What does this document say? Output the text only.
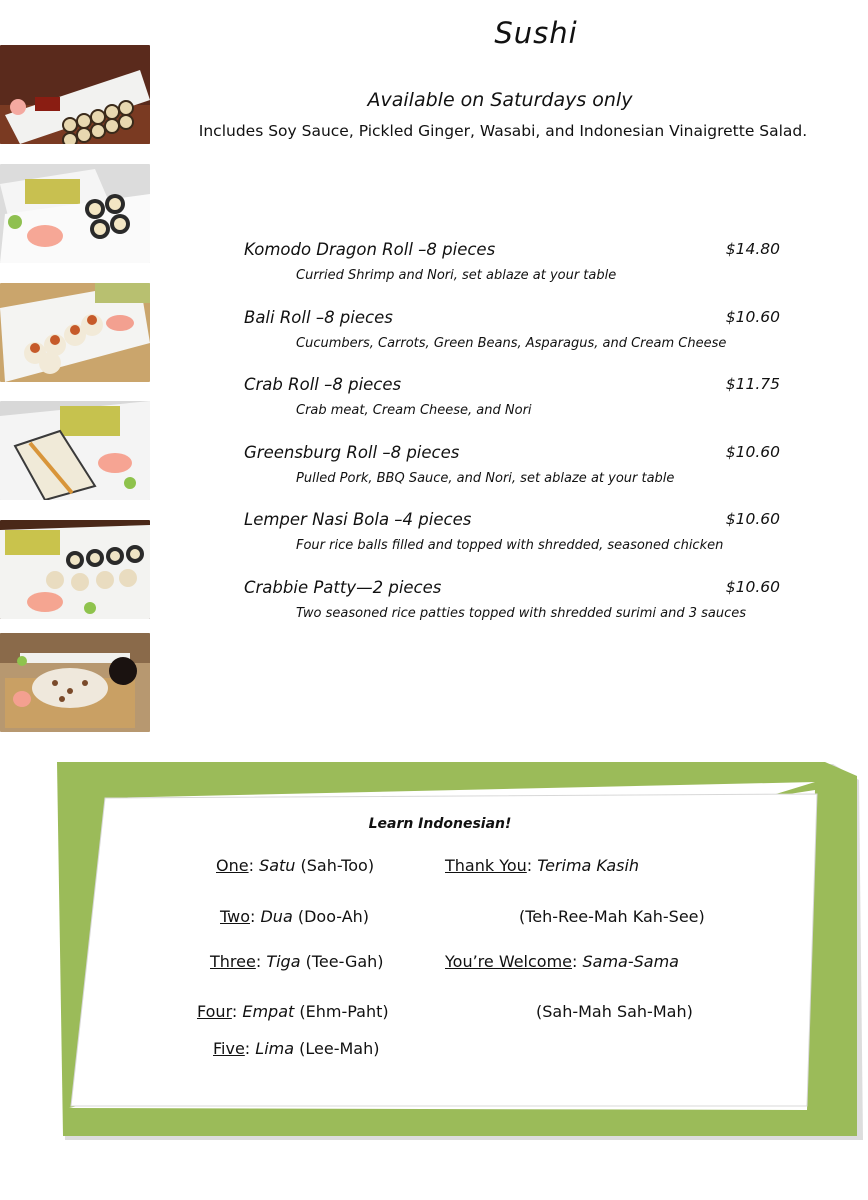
Sushi
Available on Saturdays only
Includes Soy Sauce, Pickled Ginger, Wasabi, and Indonesian Vinaigrette Salad.
Komodo Dragon Roll –8 pieces	$14.80
Curried Shrimp and Nori, set ablaze at your table
Bali Roll –8 pieces	$10.60
Cucumbers, Carrots, Green Beans, Asparagus, and Cream Cheese
Crab Roll –8 pieces	$11.75
Crab meat, Cream Cheese, and Nori
Greensburg Roll –8 pieces	$10.60
Pulled Pork, BBQ Sauce, and Nori, set ablaze at your table
Lemper Nasi Bola –4 pieces	$10.60
Four rice balls filled and topped with shredded, seasoned chicken
Crabbie Patty—2 pieces	$10.60
Two seasoned rice patties topped with shredded surimi and 3 sauces
Learn Indonesian!
One: Satu (Sah-Too)
Two: Dua (Doo-Ah)
Three: Tiga (Tee-Gah)
Four: Empat (Ehm-Paht)
Five: Lima (Lee-Mah)
Thank You: Terima Kasih
(Teh-Ree-Mah Kah-See)
You’re Welcome: Sama-Sama
(Sah-Mah Sah-Mah)
